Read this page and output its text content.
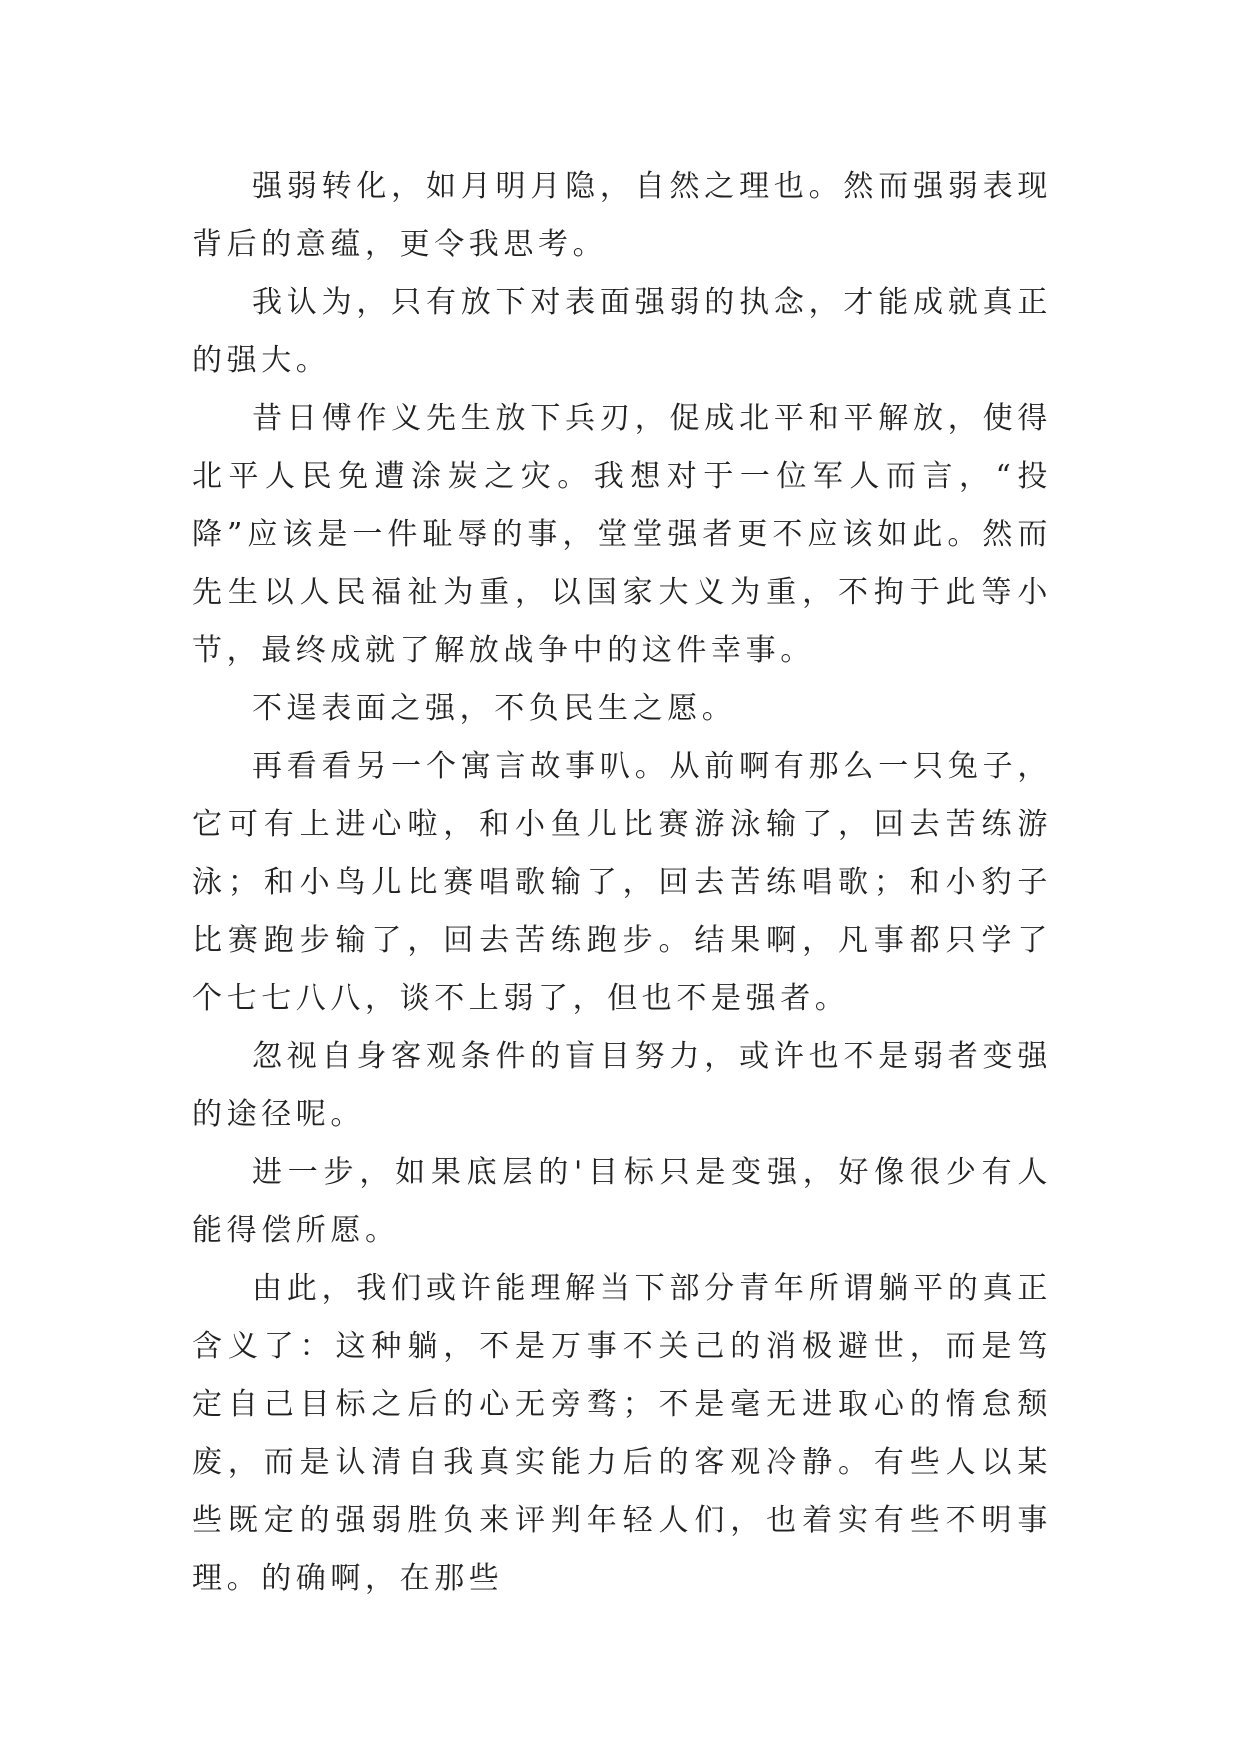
强弱转化，如月明月隐，自然之理也。然而强弱表现背后的意蕴，更令我思考。

我认为，只有放下对表面强弱的执念，才能成就真正的强大。

昔日傅作义先生放下兵刃，促成北平和平解放，使得北平人民免遭涂炭之灾。我想对于一位军人而言，“投降”应该是一件耻辱的事，堂堂强者更不应该如此。然而先生以人民福祉为重，以国家大义为重，不拘于此等小节，最终成就了解放战争中的这件幸事。

不逞表面之强，不负民生之愿。

再看看另一个寓言故事叭。从前啊有那么一只兔子，它可有上进心啦，和小鱼儿比赛游泳输了，回去苦练游泳；和小鸟儿比赛唱歌输了，回去苦练唱歌；和小豹子比赛跑步输了，回去苦练跑步。结果啊，凡事都只学了个七七八八，谈不上弱了，但也不是强者。

忽视自身客观条件的盲目努力，或许也不是弱者变强的途径呢。

进一步，如果底层的'目标只是变强，好像很少有人能得偿所愿。

由此，我们或许能理解当下部分青年所谓躺平的真正含义了：这种躺，不是万事不关己的消极避世，而是笃定自己目标之后的心无旁骛；不是毫无进取心的惰怠颓废，而是认清自我真实能力后的客观冷静。有些人以某些既定的强弱胜负来评判年轻人们，也着实有些不明事理。的确啊，在那些
